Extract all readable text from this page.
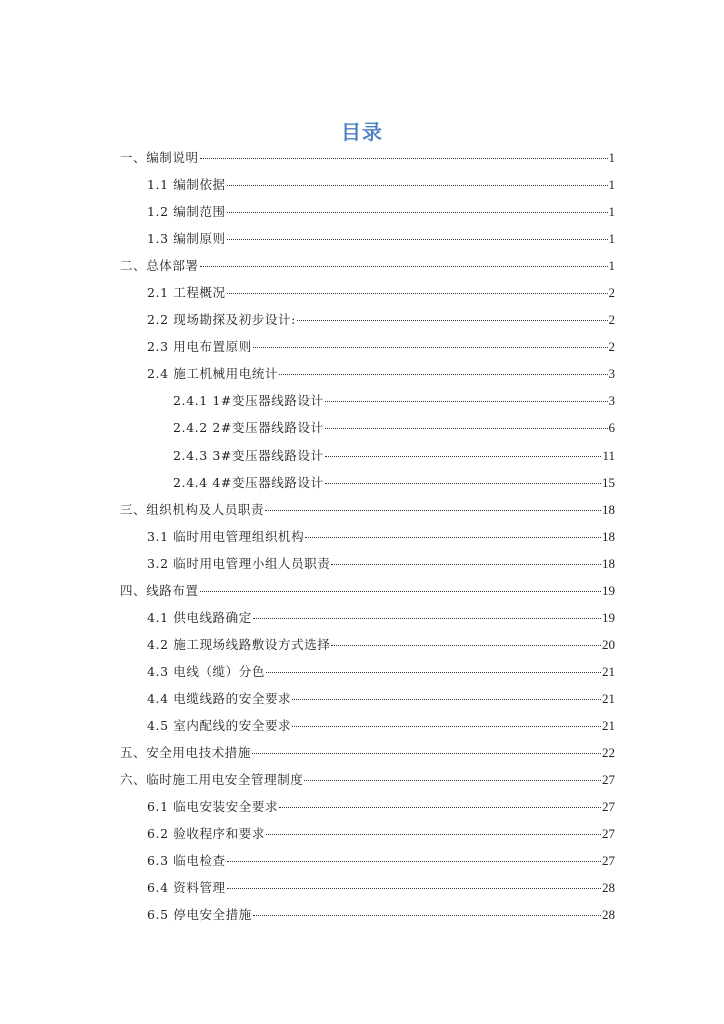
目录
一、编制说明	1
1.1 编制依据	1
1.2 编制范围	1
1.3 编制原则	1
二、总体部署	1
2.1 工程概况	2
2.2 现场勘探及初步设计:	2
2.3 用电布置原则	2
2.4 施工机械用电统计	3
2.4.1 1#变压器线路设计	3
2.4.2 2#变压器线路设计	6
2.4.3 3#变压器线路设计	11
2.4.4 4#变压器线路设计	15
三、组织机构及人员职责	18
3.1 临时用电管理组织机构	18
3.2 临时用电管理小组人员职责	18
四、线路布置	19
4.1 供电线路确定	19
4.2 施工现场线路敷设方式选择	20
4.3 电线（缆）分色	21
4.4 电缆线路的安全要求	21
4.5 室内配线的安全要求	21
五、安全用电技术措施	22
六、临时施工用电安全管理制度	27
6.1 临电安装安全要求	27
6.2 验收程序和要求	27
6.3 临电检查	27
6.4 资料管理	28
6.5 停电安全措施	28
